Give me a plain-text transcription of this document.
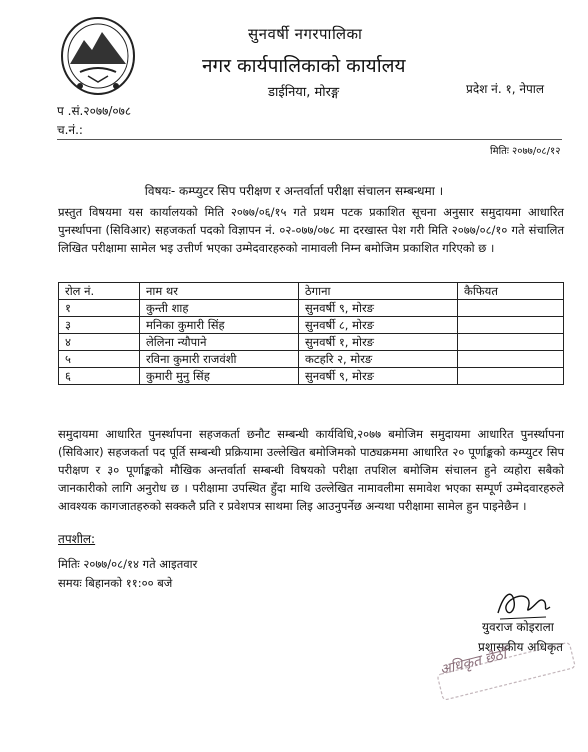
सुनवर्षी नगरपालिका
नगर कार्यपालिकाको कार्यालय
डाईनिया, मोरङ्ग	प्रदेश नं. १, नेपाल
प .सं.२०७७/०७८
च.नं.:
मितिः २०७७/०८/१२
विषयः- कम्प्युटर सिप परीक्षण र अन्तर्वार्ता परीक्षा संचालन सम्बन्धमा ।
प्रस्तुत विषयमा यस कार्यालयको मिति २०७७/०६/१५ गते प्रथम पटक प्रकाशित सूचना अनुसार समुदायमा आधारित पुनर्स्थापना (सिविआर) सहजकर्ता पदको विज्ञापन नं. ०२-०७७/०७८ मा दरखास्त पेश गरी मिति २०७७/०८/१० गते संचालित लिखित परीक्षामा सामेल भइ उत्तीर्ण भएका उम्मेदवारहरुको नामावली निम्न बमोजिम प्रकाशित गरिएको छ ।
रोल नं.	नाम थर	ठेगाना	कैफियत
१	कुन्ती शाह	सुनवर्षी ९, मोरङ	
३	मनिका कुमारी सिंह	सुनवर्षी ८, मोरङ	
४	लेलिना न्यौपाने	सुनवर्षी १, मोरङ	
५	रविना कुमारी राजवंशी	कटहरि २, मोरङ	
६	कुमारी मुनु सिंह	सुनवर्षी ९, मोरङ	
समुदायमा आधारित पुनर्स्थापना सहजकर्ता छनौट सम्बन्धी कार्यविधि,२०७७ बमोजिम समुदायमा आधारित पुनर्स्थापना (सिविआर) सहजकर्ता पद पूर्ति सम्बन्धी प्रक्रियामा उल्लेखित बमोजिमको पाठ्यक्रममा आधारित २० पूर्णाङ्कको कम्प्युटर सिप परीक्षण र ३० पूर्णाङ्कको मौखिक अन्तर्वार्ता सम्बन्धी विषयको परीक्षा तपशिल बमोजिम संचालन हुने व्यहोरा सबैको जानकारीको लागि अनुरोध छ । परीक्षामा उपस्थित हुँदा माथि उल्लेखित नामावलीमा समावेश भएका सम्पूर्ण उम्मेदवारहरुले आवश्यक कागजातहरुको सक्कलै प्रति र प्रवेशपत्र साथमा लिइ आउनुपर्नेछ अन्यथा परीक्षामा सामेल हुन पाइनेछैन ।
तपशील:
मितिः २०७७/०८/१४ गते आइतवार
समयः बिहानको ११:०० बजे
युवराज कोइराला
प्रशासकीय अधिकृत
अधिकृत छैठौं
